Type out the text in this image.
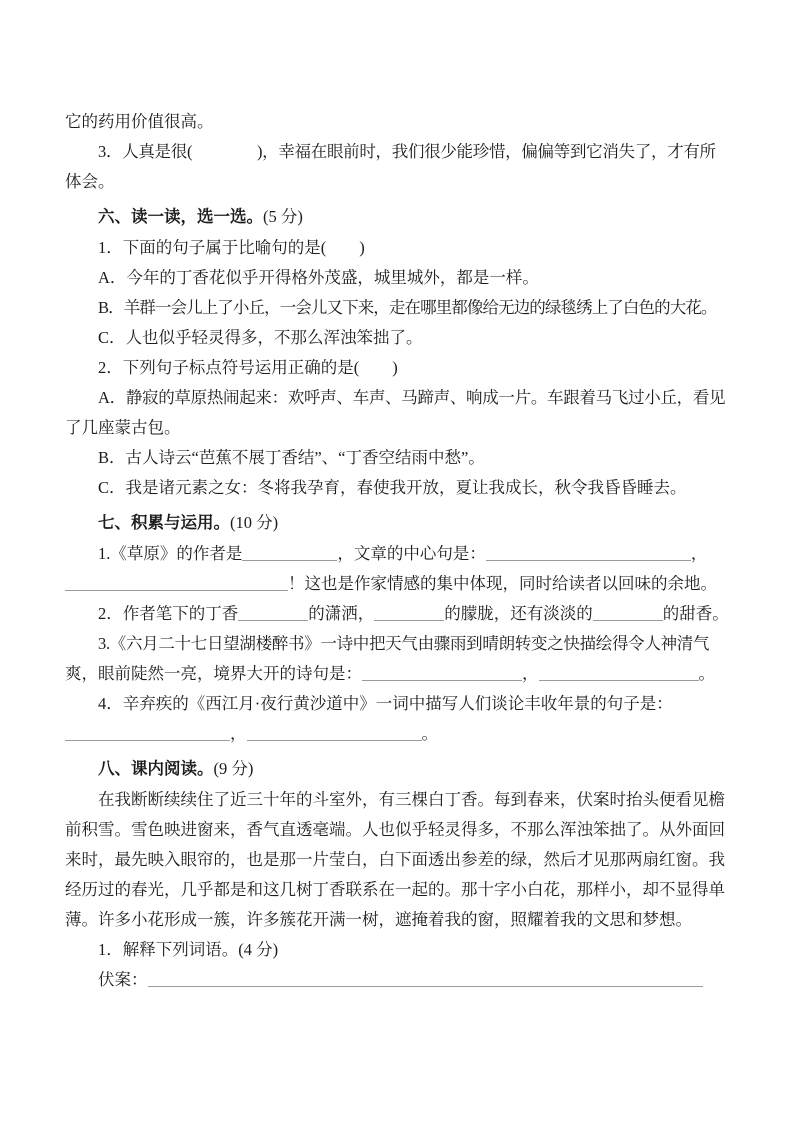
它的药用价值很高。
3．人真是很(　　　　)，幸福在眼前时，我们很少能珍惜，偏偏等到它消失了，才有所
体会。
六、读一读，选一选。(5 分)
1．下面的句子属于比喻句的是(　　)
A．今年的丁香花似乎开得格外茂盛，城里城外，都是一样。
B．羊群一会儿上了小丘，一会儿又下来，走在哪里都像给无边的绿毯绣上了白色的大花。
C．人也似乎轻灵得多，不那么浑浊笨拙了。
2．下列句子标点符号运用正确的是(　　)
A．静寂的草原热闹起来：欢呼声、车声、马蹄声、响成一片。车跟着马飞过小丘，看见
了几座蒙古包。
B．古人诗云“芭蕉不展丁香结”、“丁香空结雨中愁”。
C．我是诸元素之女：冬将我孕育，春使我开放，夏让我成长，秋令我昏昏睡去。
七、积累与运用。(10 分)
1.《草原》的作者是	，文章的中心句是：	，
！这也是作家情感的集中体现，同时给读者以回味的余地。
2．作者笔下的丁香	的潇洒，	的朦胧，还有淡淡的	的甜香。
3.《六月二十七日望湖楼醉书》一诗中把天气由骤雨到晴朗转变之快描绘得令人神清气
爽，眼前陡然一亮，境界大开的诗句是：	，	。
4．辛弃疾的《西江月·夜行黄沙道中》一词中描写人们谈论丰收年景的句子是：
，	。
八、课内阅读。(9 分)
在我断断续续住了近三十年的斗室外，有三棵白丁香。每到春来，伏案时抬头便看见檐
前积雪。雪色映进窗来，香气直透毫端。人也似乎轻灵得多，不那么浑浊笨拙了。从外面回
来时，最先映入眼帘的，也是那一片莹白，白下面透出参差的绿，然后才见那两扇红窗。我
经历过的春光，几乎都是和这几树丁香联系在一起的。那十字小白花，那样小，却不显得单
薄。许多小花形成一簇，许多簇花开满一树，遮掩着我的窗，照耀着我的文思和梦想。
1．解释下列词语。(4 分)
伏案：
